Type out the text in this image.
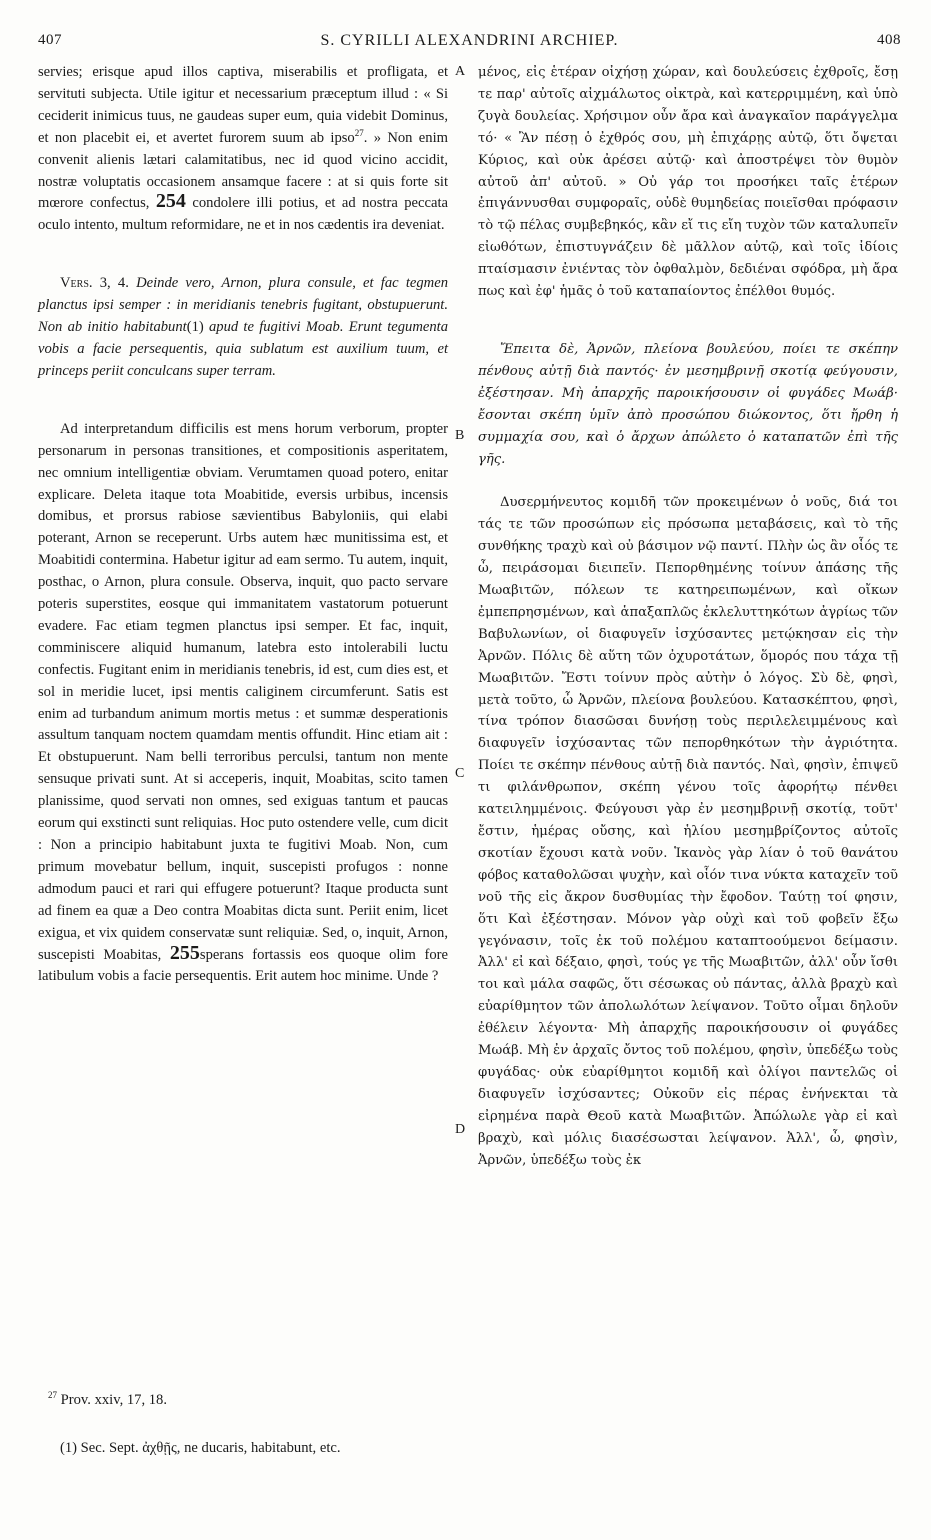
407	S. CYRILLI ALEXANDRINI ARCHIEP.	408
A
B
C
D

servies; erisque apud illos captiva, miserabilis et profligata, et servituti subjecta. Utile igitur et necessarium præceptum illud : « Si ceciderit inimicus tuus, ne gaudeas super eum, quia videbit Dominus, et non placebit ei, et avertet furorem suum ab ipso$^{27}$. » Non enim convenit alienis lætari calamitatibus, nec id quod vicino accidit, nostræ voluptatis occasionem ansamque facere : at si quis forte sit mœrore confectus, 254 condolere illi potius, et ad nostra peccata oculo intento, multum reformidare, ne et in nos cædentis ira deveniat.

Vers. 3, 4. Deinde vero, Arnon, plura consule, et fac tegmen planctus ipsi semper : in meridianis tenebris fugitant, obstupuerunt. Non ab initio habitabunt(1) apud te fugitivi Moab. Erunt tegumenta vobis a facie persequentis, quia sublatum est auxilium tuum, et princeps periit conculcans super terram.

Ad interpretandum difficilis est mens horum verborum, propter personarum in personas transitiones, et compositionis asperitatem, nec omnium intelligentiæ obviam. Verumtamen quoad potero, enitar explicare. Deleta itaque tota Moabitide, eversis urbibus, incensis domibus, et prorsus rabiose sævientibus Babyloniis, qui elabi poterant, Arnon se receperunt. Urbs autem hæc munitissima est, et Moabitidi contermina. Habetur igitur ad eam sermo. Tu autem, inquit, posthac, o Arnon, plura consule. Observa, inquit, quo pacto servare poteris superstites, eosque qui immanitatem vastatorum potuerunt evadere. Fac etiam tegmen planctus ipsi semper. Et fac, inquit, comminiscere aliquid humanum, latebra esto intolerabili luctu confectis. Fugitant enim in meridianis tenebris, id est, cum dies est, et sol in meridie lucet, ipsi mentis caliginem circumferunt. Satis est enim ad turbandum animum mortis metus : et summæ desperationis assultum tanquam noctem quamdam mentis offundit. Hinc etiam ait : Et obstupuerunt. Nam belli terroribus perculsi, tantum non mente sensuque privati sunt. At si acceperis, inquit, Moabitas, scito tamen planissime, quod servati non omnes, sed exiguas tantum et paucas eorum qui exstincti sunt reliquias. Hoc puto ostendere velle, cum dicit : Non a principio habitabunt juxta te fugitivi Moab. Non, cum primum movebatur bellum, inquit, suscepisti profugos : nonne admodum pauci et rari qui effugere potuerunt? Itaque producta sunt ad finem ea quæ a Deo contra Moabitas dicta sunt. Periit enim, licet exigua, et vix quidem conservatæ sunt reliquiæ. Sed, o, inquit, Arnon, suscepisti Moabitas, 255sperans fortassis eos quoque olim fore latibulum vobis a facie persequentis. Erit autem hoc minime. Unde ?

$^{27}$ Prov. xxiv, 17, 18.
(1) Sec. Sept. ἀχθῇς, ne ducaris, habitabunt, etc.

μένος, εἰς ἑτέραν οἰχήσῃ χώραν, καὶ δουλεύσεις ἐχθροῖς, ἔσῃ τε παρ' αὐτοῖς αἰχμάλωτος οἰκτρὰ, καὶ κατερριμμένη, καὶ ὑπὸ ζυγὰ δουλείας. Χρήσιμον οὖν ἄρα καὶ ἀναγκαῖον παράγγελμα τό· « Ἂν πέσῃ ὁ ἐχθρός σου, μὴ ἐπιχάρῃς αὐτῷ, ὅτι ὄψεται Κύριος, καὶ οὐκ ἀρέσει αὐτῷ· καὶ ἀποστρέψει τὸν θυμὸν αὐτοῦ ἀπ' αὐτοῦ. » Οὐ γάρ τοι προσήκει ταῖς ἑτέρων ἐπιγάννυσθαι συμφοραῖς, οὐδὲ θυμηδείας ποιεῖσθαι πρόφασιν τὸ τῷ πέλας συμβεβηκός, κἂν εἴ τις εἴη τυχὸν τῶν καταλυπεῖν εἰωθότων, ἐπιστυγνάζειν δὲ μᾶλλον αὐτῷ, καὶ τοῖς ἰδίοις πταίσμασιν ἐνιέντας τὸν ὀφθαλμὸν, δεδιέναι σφόδρα, μὴ ἄρα πως καὶ ἐφ' ἡμᾶς ὁ τοῦ καταπαίοντος ἐπέλθοι θυμός.

Ἔπειτα δὲ, Ἀρνῶν, πλείονα βουλεύου, ποίει τε σκέπην πένθους αὐτῇ διὰ παντός· ἐν μεσημβρινῇ σκοτίᾳ φεύγουσιν, ἐξέστησαν. Μὴ ἀπαρχῆς παροικήσουσιν οἱ φυγάδες Μωάβ· ἔσονται σκέπη ὑμῖν ἀπὸ προσώπου διώκοντος, ὅτι ἤρθη ἡ συμμαχία σου, καὶ ὁ ἄρχων ἀπώλετο ὁ καταπατῶν ἐπὶ τῆς γῆς.

Δυσερμήνευτος κομιδῆ τῶν προκειμένων ὁ νοῦς, διά τοι τάς τε τῶν προσώπων εἰς πρόσωπα μεταβάσεις, καὶ τὸ τῆς συνθήκης τραχὺ καὶ οὐ βάσιμον νῷ παντί. Πλὴν ὡς ἂν οἷός τε ὦ, πειράσομαι διειπεῖν. Πεπορθημένης τοίνυν ἁπάσης τῆς Μωαβιτῶν, πόλεων τε κατηρειπωμένων, καὶ οἴκων ἐμπεπρησμένων, καὶ ἁπαξαπλῶς ἐκλελυττηκότων ἀγρίως τῶν Βαβυλωνίων, οἱ διαφυγεῖν ἰσχύσαντες μετῴκησαν εἰς τὴν Ἀρνῶν. Πόλις δὲ αὕτη τῶν ὀχυροτάτων, ὅμορός που τάχα τῇ Μωαβιτῶν. Ἔστι τοίνυν πρὸς αὐτὴν ὁ λόγος. Σὺ δὲ, φησὶ, μετὰ τοῦτο, ὦ Ἀρνῶν, πλείονα βουλεύου. Κατασκέπτου, φησὶ, τίνα τρόπον διασῶσαι δυνήσῃ τοὺς περιλελειμμένους καὶ διαφυγεῖν ἰσχύσαντας τῶν πεπορθηκότων τὴν ἀγριότητα. Ποίει τε σκέπην πένθους αὐτῇ διὰ παντός. Ναὶ, φησὶν, ἐπιψεῦ τι φιλάνθρωπον, σκέπη γένου τοῖς ἀφορήτῳ πένθει κατειλημμένοις. Φεύγουσι γὰρ ἐν μεσημβρινῇ σκοτίᾳ, τοῦτ' ἔστιν, ἡμέρας οὔσης, καὶ ἡλίου μεσημβρίζοντος αὐτοῖς σκοτίαν ἔχουσι κατὰ νοῦν. Ἱκανὸς γὰρ λίαν ὁ τοῦ θανάτου φόβος καταθολῶσαι ψυχὴν, καὶ οἷόν τινα νύκτα καταχεῖν τοῦ νοῦ τῆς εἰς ἄκρον δυσθυμίας τὴν ἔφοδον. Ταύτῃ τοί φησιν, ὅτι Καὶ ἐξέστησαν. Μόνον γὰρ οὐχὶ καὶ τοῦ φοβεῖν ἔξω γεγόνασιν, τοῖς ἐκ τοῦ πολέμου καταπτοούμενοι δείμασιν. Ἀλλ' εἰ καὶ δέξαιο, φησὶ, τούς γε τῆς Μωαβιτῶν, ἀλλ' οὖν ἴσθι τοι καὶ μάλα σαφῶς, ὅτι σέσωκας οὐ πάντας, ἀλλὰ βραχὺ καὶ εὐαρίθμητον τῶν ἀπολωλότων λείψανον. Τοῦτο οἶμαι δηλοῦν ἐθέλειν λέγοντα· Μὴ ἀπαρχῆς παροικήσουσιν οἱ φυγάδες Μωάβ. Μὴ ἐν ἀρχαῖς ὄντος τοῦ πολέμου, φησὶν, ὑπεδέξω τοὺς φυγάδας· οὐκ εὐαρίθμητοι κομιδῆ καὶ ὀλίγοι παντελῶς οἱ διαφυγεῖν ἰσχύσαντες; Οὐκοῦν εἰς πέρας ἐνήνεκται τὰ εἰρημένα παρὰ Θεοῦ κατὰ Μωαβιτῶν. Ἀπώλωλε γὰρ εἰ καὶ βραχὺ, καὶ μόλις διασέσωσται λείψανον. Ἀλλ', ὦ, φησὶν, Ἀρνῶν, ὑπεδέξω τοὺς ἐκ
